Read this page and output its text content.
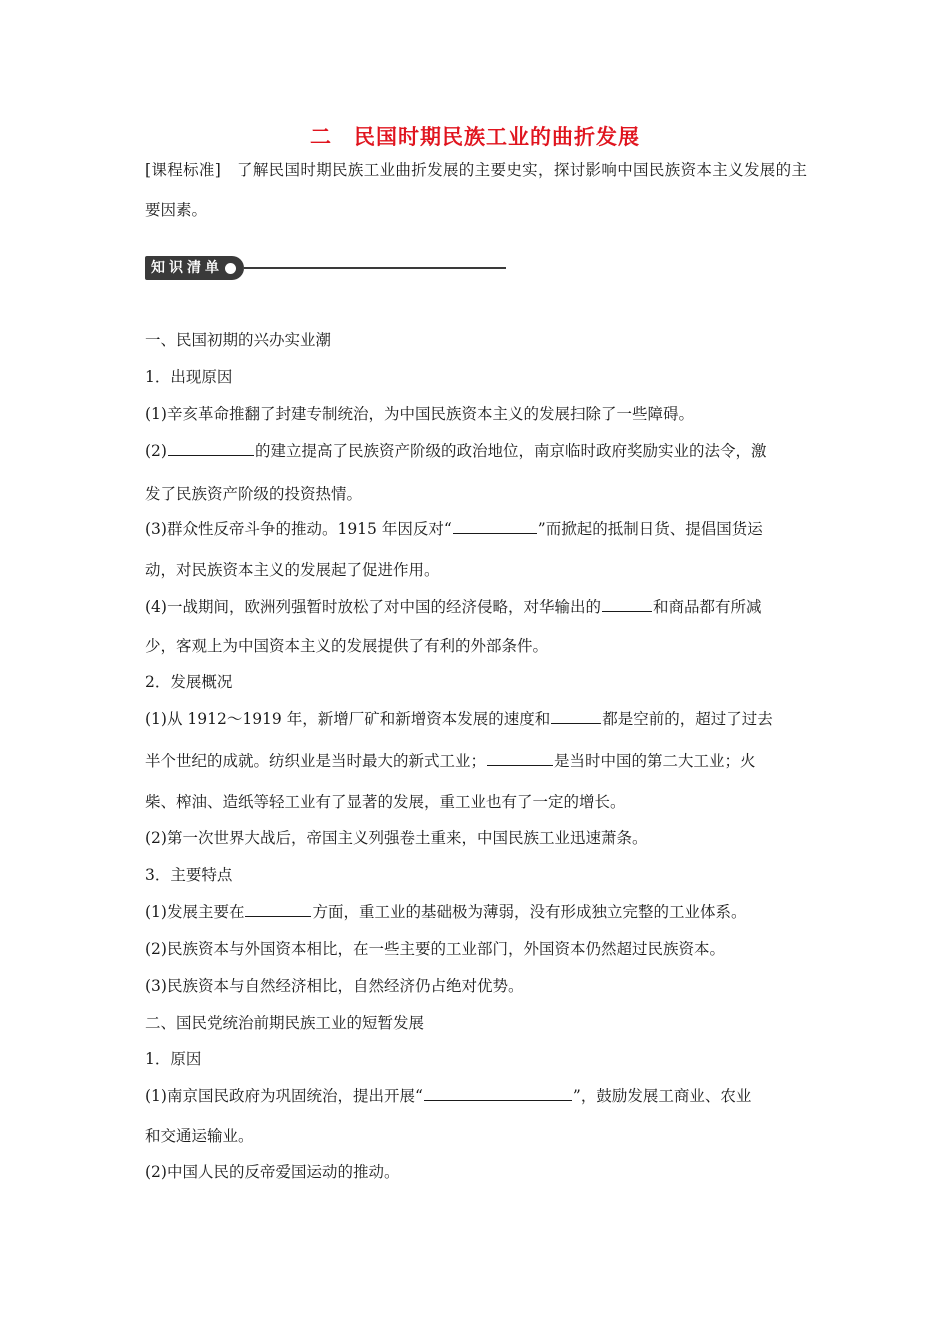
二　民国时期民族工业的曲折发展
[课程标准]　了解民国时期民族工业曲折发展的主要史实，探讨影响中国民族资本主义发展的主要因素。
知识清单
一、民国初期的兴办实业潮
1．出现原因
(1)辛亥革命推翻了封建专制统治，为中国民族资本主义的发展扫除了一些障碍。
(2)	的建立提高了民族资产阶级的政治地位，南京临时政府奖励实业的法令，激
发了民族资产阶级的投资热情。
(3)群众性反帝斗争的推动。1915 年因反对“	”而掀起的抵制日货、提倡国货运
动，对民族资本主义的发展起了促进作用。
(4)一战期间，欧洲列强暂时放松了对中国的经济侵略，对华输出的	和商品都有所减
少，客观上为中国资本主义的发展提供了有利的外部条件。
2．发展概况
(1)从 1912～1919 年，新增厂矿和新增资本发展的速度和	都是空前的，超过了过去
半个世纪的成就。纺织业是当时最大的新式工业；	是当时中国的第二大工业；火
柴、榨油、造纸等轻工业有了显著的发展，重工业也有了一定的增长。
(2)第一次世界大战后，帝国主义列强卷土重来，中国民族工业迅速萧条。
3．主要特点
(1)发展主要在	方面，重工业的基础极为薄弱，没有形成独立完整的工业体系。
(2)民族资本与外国资本相比，在一些主要的工业部门，外国资本仍然超过民族资本。
(3)民族资本与自然经济相比，自然经济仍占绝对优势。
二、国民党统治前期民族工业的短暂发展
1．原因
(1)南京国民政府为巩固统治，提出开展“	”，鼓励发展工商业、农业
和交通运输业。
(2)中国人民的反帝爱国运动的推动。
